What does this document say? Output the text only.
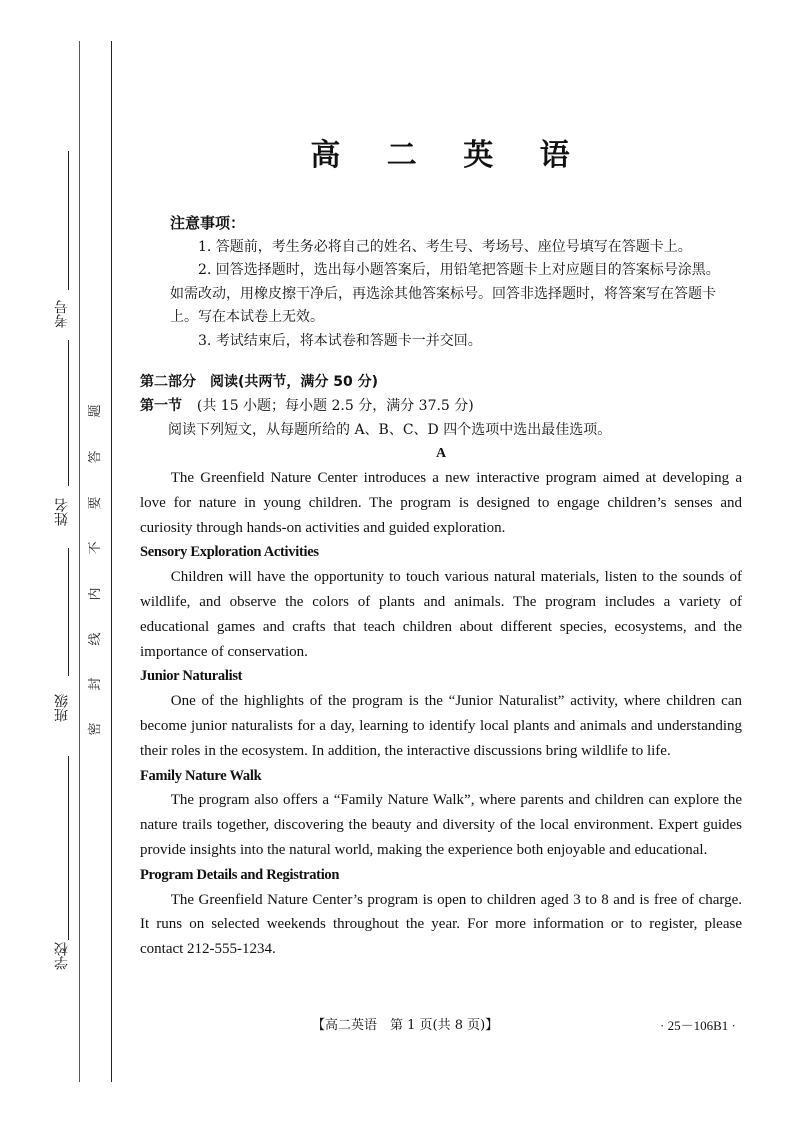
考号
姓名
班级
学校
密
封
线
内
不
要
答
题
高 二 英 语
注意事项：

1. 答题前，考生务必将自己的姓名、考生号、考场号、座位号填写在答题卡上。

2. 回答选择题时，选出每小题答案后，用铅笔把答题卡上对应题目的答案标号涂黑。如需改动，用橡皮擦干净后，再选涂其他答案标号。回答非选择题时，将答案写在答题卡上。写在本试卷上无效。

3. 考试结束后，将本试卷和答题卡一并交回。

第二部分　阅读(共两节，满分 50 分)

第一节 (共 15 小题；每小题 2.5 分，满分 37.5 分)

阅读下列短文，从每题所给的 A、B、C、D 四个选项中选出最佳选项。

A

The Greenfield Nature Center introduces a new interactive program aimed at developing a love for nature in young children. The program is designed to engage children’s senses and curiosity through hands-on activities and guided exploration.

Sensory Exploration Activities

Children will have the opportunity to touch various natural materials, listen to the sounds of wildlife, and observe the colors of plants and animals. The program includes a variety of educational games and crafts that teach children about different species, ecosystems, and the importance of conservation.

Junior Naturalist

One of the highlights of the program is the “Junior Naturalist” activity, where children can become junior naturalists for a day, learning to identify local plants and animals and understanding their roles in the ecosystem. In addition, the interactive discussions bring wildlife to life.

Family Nature Walk

The program also offers a “Family Nature Walk”, where parents and children can explore the nature trails together, discovering the beauty and diversity of the local environment. Expert guides provide insights into the natural world, making the experience both enjoyable and educational.

Program Details and Registration

The Greenfield Nature Center’s program is open to children aged 3 to 8 and is free of charge. It runs on selected weekends throughout the year. For more information or to register, please contact 212-555-1234.

【高二英语　第 1 页(共 8 页)】	· 25－106B1 ·
